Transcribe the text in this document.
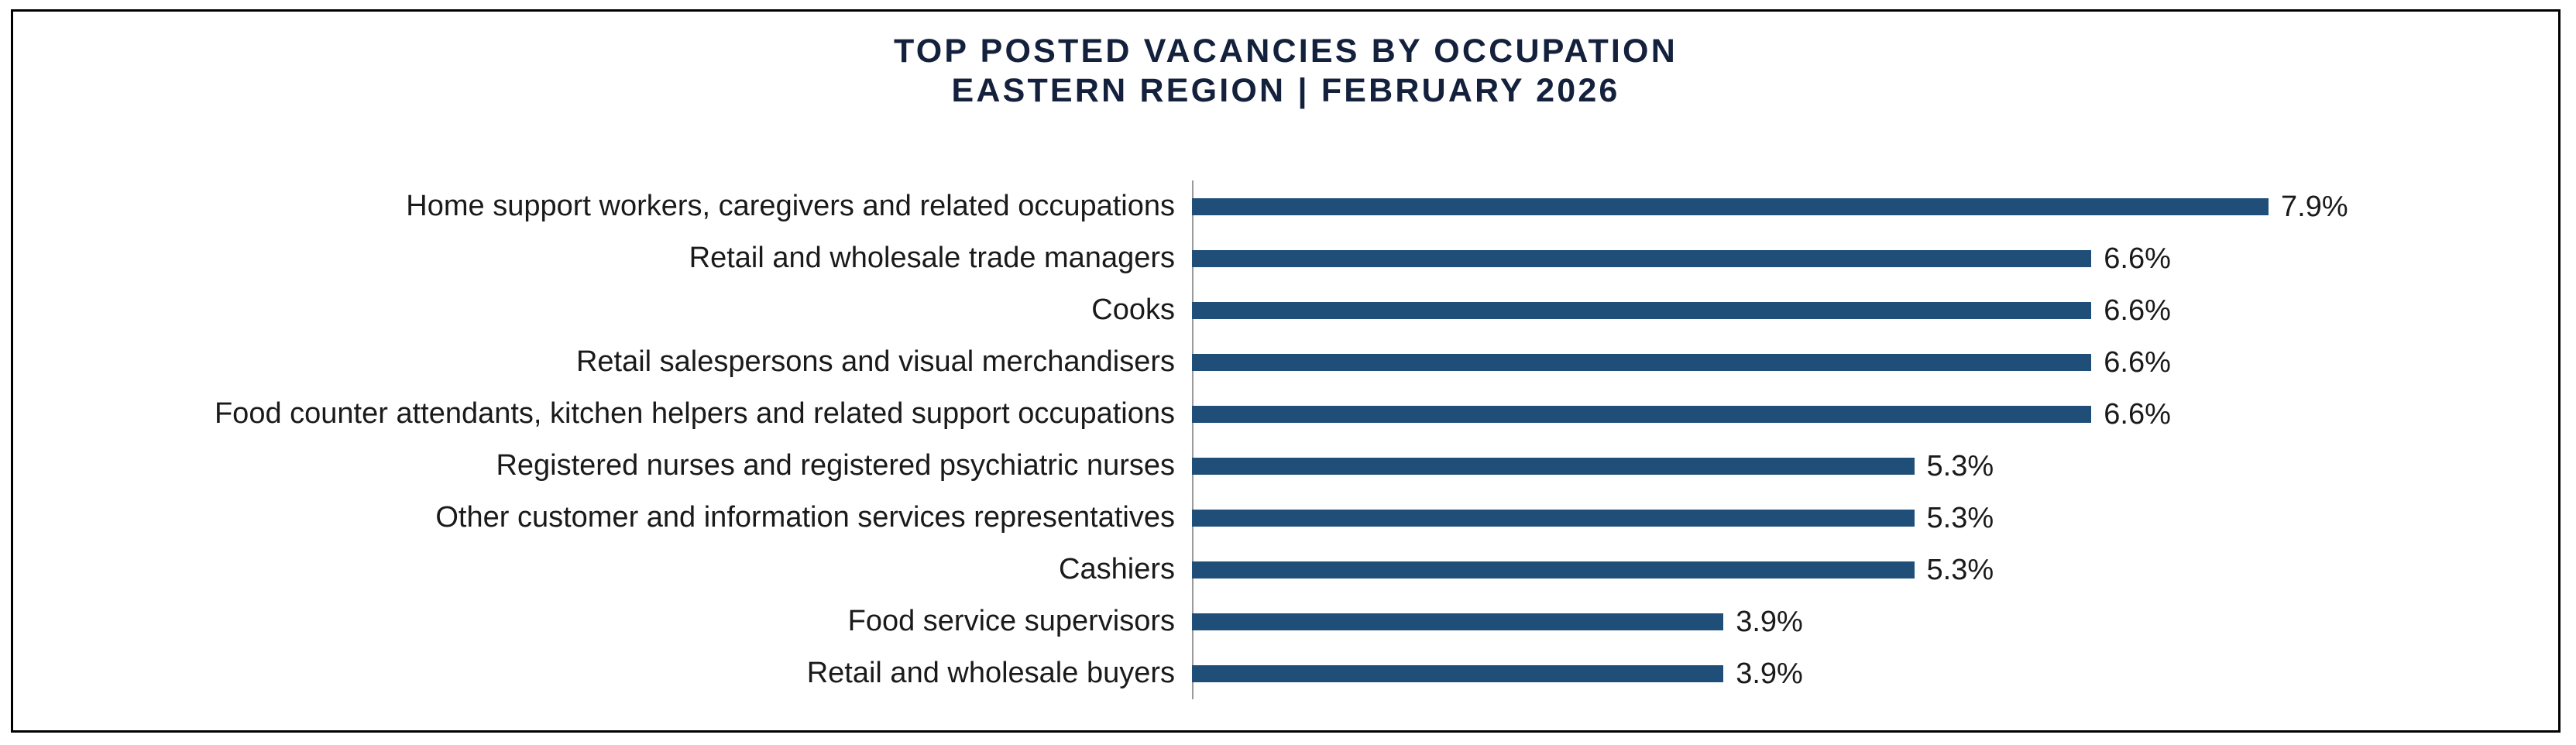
TOP POSTED VACANCIES BY OCCUPATION
EASTERN REGION | FEBRUARY 2026
Home support workers, caregivers and related occupations	7.9%
Retail and wholesale trade managers	6.6%
Cooks	6.6%
Retail salespersons and visual merchandisers	6.6%
Food counter attendants, kitchen helpers and related support occupations	6.6%
Registered nurses and registered psychiatric nurses	5.3%
Other customer and information services representatives	5.3%
Cashiers	5.3%
Food service supervisors	3.9%
Retail and wholesale buyers	3.9%
